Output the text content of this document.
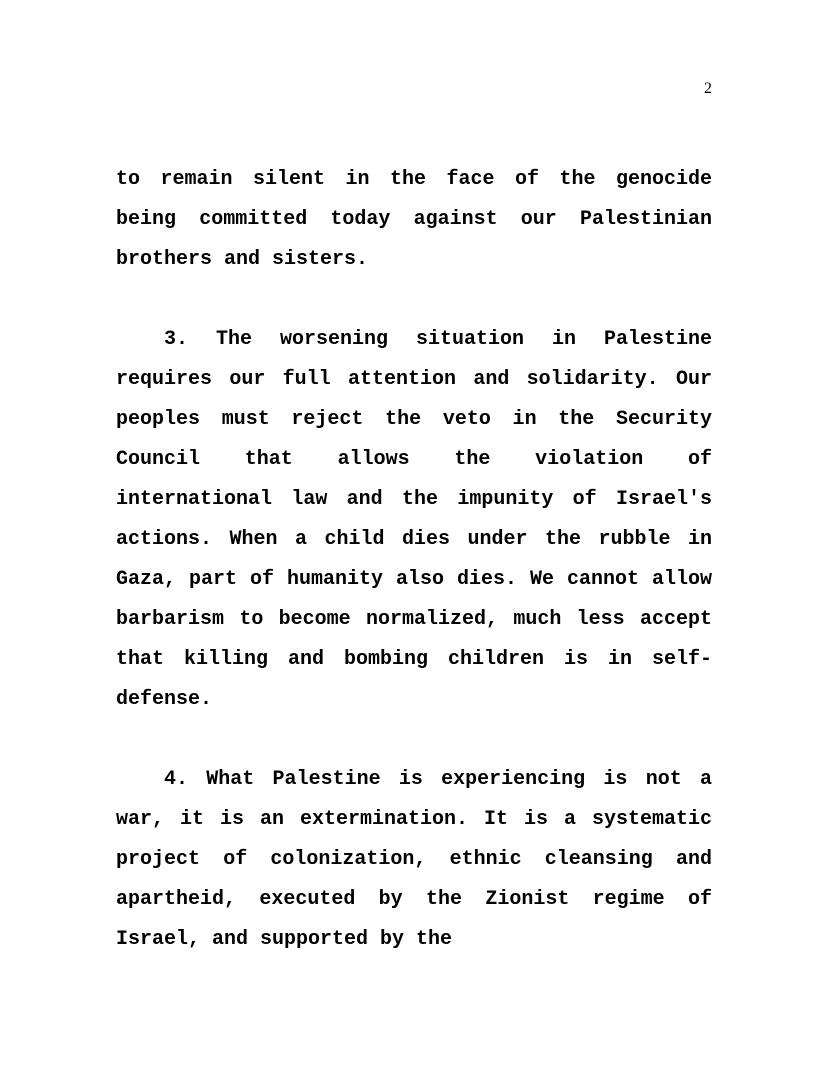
2

to remain silent in the face of the genocide being committed today against our Palestinian brothers and sisters.

3. The worsening situation in Palestine requires our full attention and solidarity. Our peoples must reject the veto in the Security Council that allows the violation of international law and the impunity of Israel's actions. When a child dies under the rubble in Gaza, part of humanity also dies. We cannot allow barbarism to become normalized, much less accept that killing and bombing children is in self-defense.

4. What Palestine is experiencing is not a war, it is an extermination. It is a systematic project of colonization, ethnic cleansing and apartheid, executed by the Zionist regime of Israel, and supported by the
